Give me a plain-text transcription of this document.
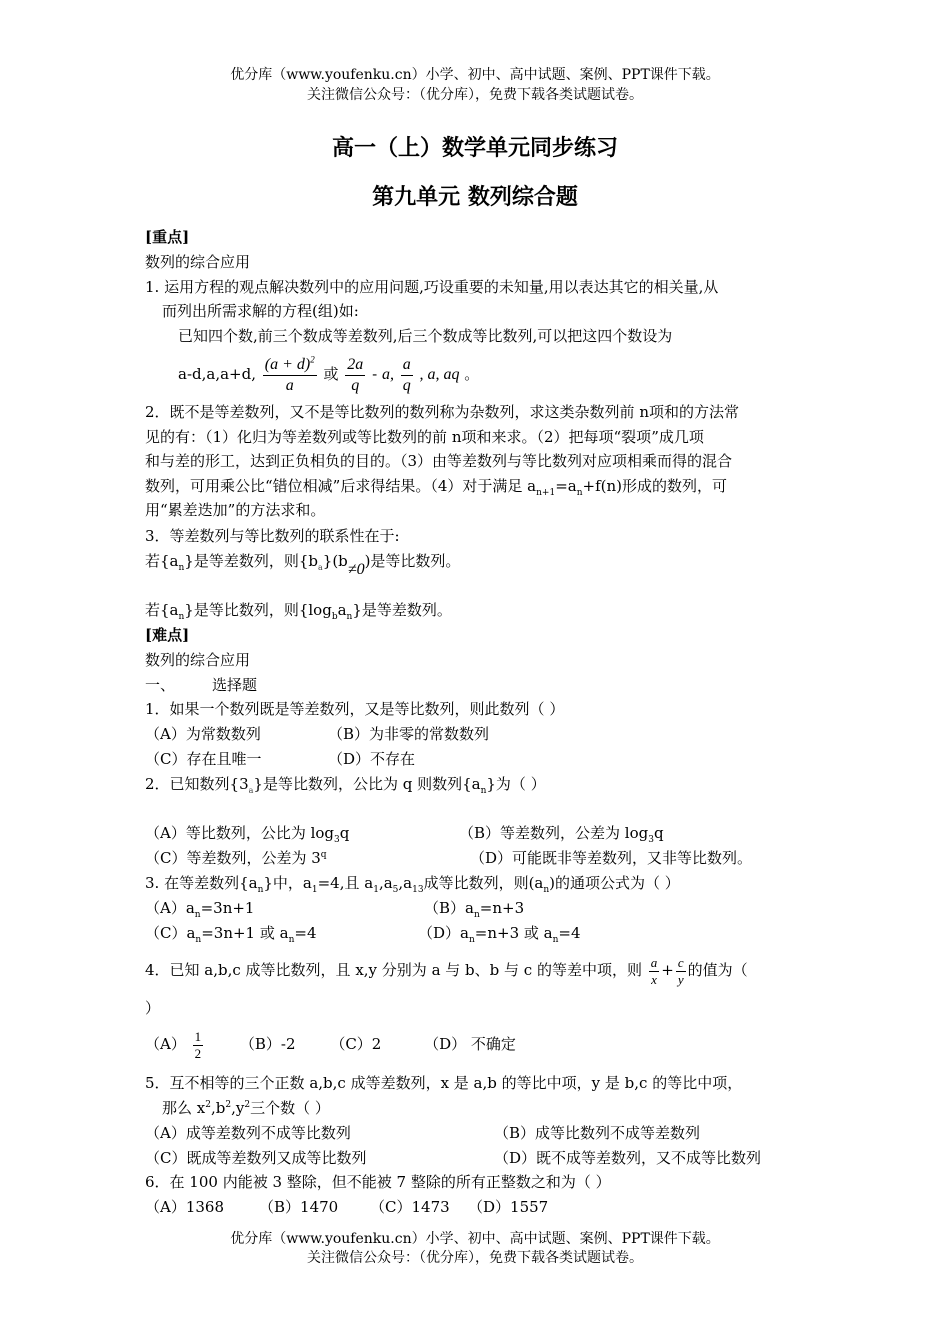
优分库（www.youfenku.cn）小学、初中、高中试题、案例、PPT课件下载。
关注微信公众号：（优分库），免费下载各类试题试卷。
高一（上）数学单元同步练习
第九单元 数列综合题
[重点]
数列的综合应用
1. 运用方程的观点解决数列中的应用问题,巧设重要的未知量,用以表达其它的相关量,从
而列出所需求解的方程(组)如:
已知四个数,前三个数成等差数列,后三个数成等比数列,可以把这四个数设为
a-d,a,a+d, $\frac{(a + d)^2}{a}$ 或 $\frac{2a}{q}$ - a, $\frac{a}{q}$ , a, aq 。
2．既不是等差数列，又不是等比数列的数列称为杂数列，求这类杂数列前 n项和的方法常
见的有：（1）化归为等差数列或等比数列的前 n项和来求。（2）把每项“裂项”成几项
和与差的形工，达到正负相负的目的。（3）由等差数列与等比数列对应项相乘而得的混合
数列，可用乘公比“错位相减”后求得结果。（4）对于满足 $a_{n+1}=a_n+f(n)$形成的数列，可
用“累差迭加”的方法求和。
3．等差数列与等比数列的联系性在于:
若$\{a_n\}$是等差数列，则$\{b_a\}(b\ne 0)$是等比数列。
若$\{a_n\}$是等比数列，则$\{\log_ba_n\}$是等差数列。
[难点]
数列的综合应用
一、 选择题
1．如果一个数列既是等差数列，又是等比数列，则此数列（ ）
（A）为常数数列	（B）为非零的常数数列
（C）存在且唯一	（D）不存在
2．已知数列$\{3_a\}$是等比数列，公比为 q 则数列$\{a_n\}$为（ ）
（A）等比数列，公比为 $\log_3q$	（B）等差数列，公差为 $\log_3q$
（C）等差数列，公差为 3$^q$	（D）可能既非等差数列，又非等比数列。
3. 在等差数列$\{a_n\}$中，$a_1=4$,且 $a_1,a_5,a_{13}$成等比数列，则$(a_n)$的通项公式为（ ）
$(A)a_n=3n+1$	$(B)a_n=n+3$
$(C)a_n=3n+1$ 或 $a_n=4$	$(D)a_n=n+3$ 或 $a_n=4$
4．已知 a,b,c 成等比数列，且 x,y 分别为 a 与 b、b 与 c 的等差中项，则 $\frac{a}{x} + \frac{c}{y}$ 的值为（
）
$(A) \frac{1}{2} (B)-2$ （C）2	（D） 不确定
5．互不相等的三个正数 a,b,c 成等差数列，x 是 a,b 的等比中项，y 是 b,c 的等比中项，
那么 $x^2,b^2,y^2$三个数（ ）
（A）成等差数列不成等比数列	（B）成等比数列不成等差数列
（C）既成等差数列又成等比数列	（D）既不成等差数列，又不成等比数列
6．在 100 内能被 3 整除，但不能被 7 整除的所有正整数之和为（ ）
（A）1368 （B）1470 （C）1473 （D）1557
优分库（www.youfenku.cn）小学、初中、高中试题、案例、PPT课件下载。
关注微信公众号：（优分库），免费下载各类试题试卷。
